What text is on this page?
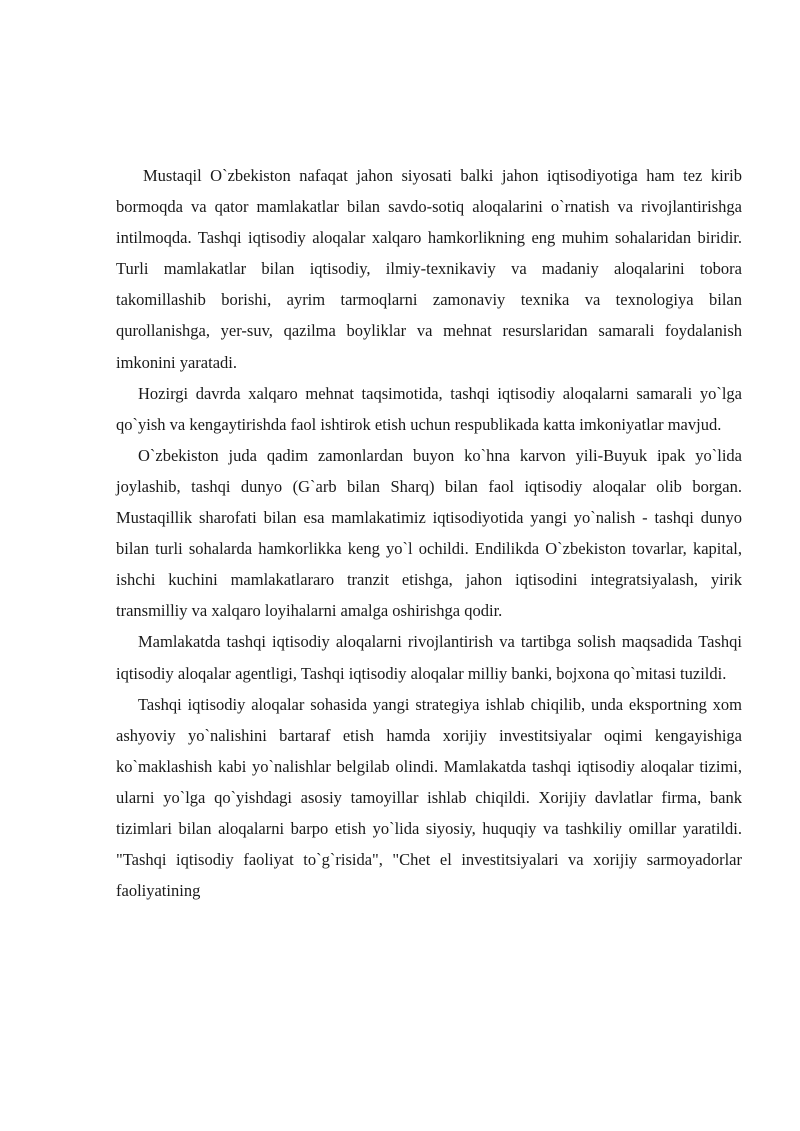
Mustaqil O`zbekiston nafaqat jahon siyosati balki jahon iqtisodiyotiga ham tez kirib bormoqda va qator mamlakatlar bilan savdo-sotiq aloqalarini o`rnatish va rivojlantirishga intilmoqda. Tashqi iqtisodiy aloqalar xalqaro hamkorlikning eng muhim sohalaridan biridir. Turli mamlakatlar bilan iqtisodiy, ilmiy-texnikaviy va madaniy aloqalarini tobora takomillashib borishi, ayrim tarmoqlarni zamonaviy texnika va texnologiya bilan qurollanishga, yer-suv, qazilma boyliklar va mehnat resurslaridan samarali foydalanish imkonini yaratadi.

Hozirgi davrda xalqaro mehnat taqsimotida, tashqi iqtisodiy aloqalarni samarali yo`lga qo`yish va kengaytirishda faol ishtirok etish uchun respublikada katta imkoniyatlar mavjud.

O`zbekiston juda qadim zamonlardan buyon ko`hna karvon yili-Buyuk ipak yo`lida joylashib, tashqi dunyo (G`arb bilan Sharq) bilan faol iqtisodiy aloqalar olib borgan. Mustaqillik sharofati bilan esa mamlakatimiz iqtisodiyotida yangi yo`nalish - tashqi dunyo bilan turli sohalarda hamkorlikka keng yo`l ochildi. Endilikda O`zbekiston tovarlar, kapital, ishchi kuchini mamlakatlararo tranzit etishga, jahon iqtisodini integratsiyalash, yirik transmilliy va xalqaro loyihalarni amalga oshirishga qodir.

Mamlakatda tashqi iqtisodiy aloqalarni rivojlantirish va tartibga solish maqsadida Tashqi iqtisodiy aloqalar agentligi, Tashqi iqtisodiy aloqalar milliy banki, bojxona qo`mitasi tuzildi.

Tashqi iqtisodiy aloqalar sohasida yangi strategiya ishlab chiqilib, unda eksportning xom ashyoviy yo`nalishini bartaraf etish hamda xorijiy investitsiyalar oqimi kengayishiga ko`maklashish kabi yo`nalishlar belgilab olindi. Mamlakatda tashqi iqtisodiy aloqalar tizimi, ularni yo`lga qo`yishdagi asosiy tamoyillar ishlab chiqildi. Xorijiy davlatlar firma, bank tizimlari bilan aloqalarni barpo etish yo`lida siyosiy, huquqiy va tashkiliy omillar yaratildi. "Tashqi iqtisodiy faoliyat to`g`risida", "Chet el investitsiyalari va xorijiy sarmoyadorlar faoliyatining
